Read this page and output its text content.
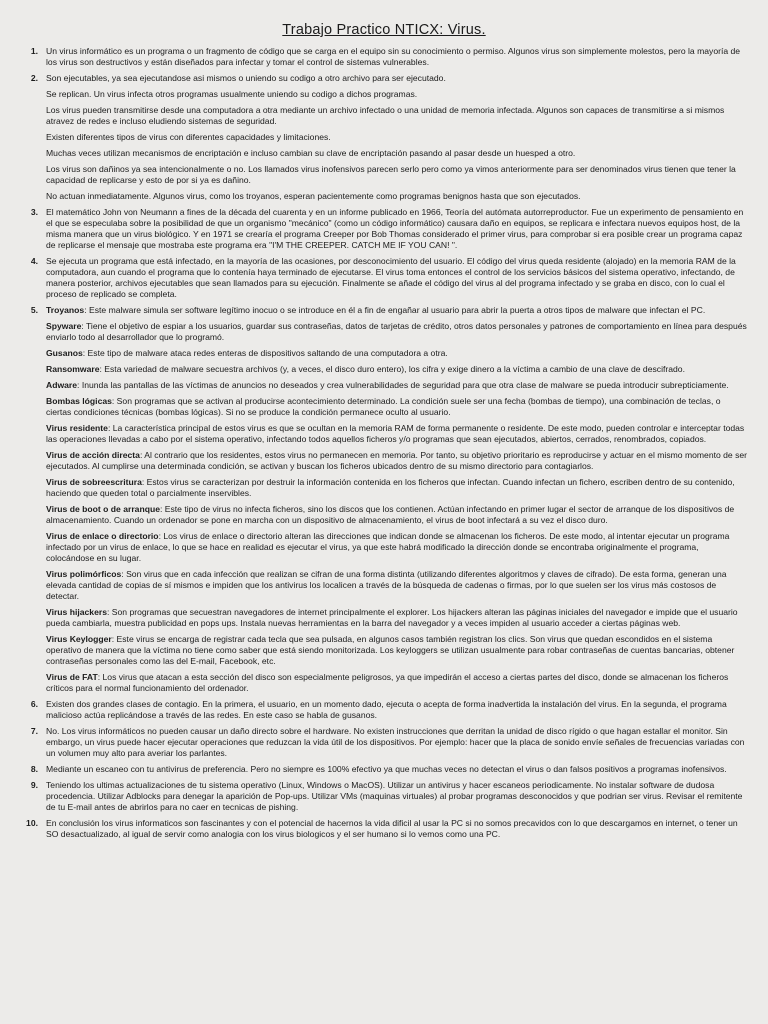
Trabajo Practico NTICX: Virus.
1. Un virus informático es un programa o un fragmento de código que se carga en el equipo sin su conocimiento o permiso. Algunos virus son simplemente molestos, pero la mayoría de los virus son destructivos y están diseñados para infectar y tomar el control de sistemas vulnerables.

2. Son ejecutables, ya sea ejecutandose asi mismos o uniendo su codigo a otro archivo para ser ejecutado.

Se replican. Un virus infecta otros programas usualmente uniendo su codigo a dichos programas.

Los virus pueden transmitirse desde una computadora a otra mediante un archivo infectado o una unidad de memoria infectada. Algunos son capaces de transmitirse a si mismos atravez de redes e incluso eludiendo sistemas de seguridad.

Existen diferentes tipos de virus con diferentes capacidades y limitaciones.

Muchas veces utilizan mecanismos de encriptación e incluso cambian su clave de encriptación pasando al pasar desde un huesped a otro.

Los virus son dañinos ya sea intencionalmente o no. Los llamados virus inofensivos parecen serlo pero como ya vimos anteriormente para ser denominados virus tienen que tener la capacidad de replicarse y esto de por si ya es dañino.

No actuan inmediatamente. Algunos virus, como los troyanos, esperan pacientemente como programas benignos hasta que son ejecutados.

3. El matemático John von Neumann a fines de la década del cuarenta y en un informe publicado en 1966, Teoría del autómata autorreproductor. Fue un experimento de pensamiento en el que se especulaba sobre la posibilidad de que un organismo "mecánico" (como un código informático) causara daño en equipos, se replicara e infectara nuevos equipos host, de la misma manera que un virus biológico. Y en 1971 se crearía el programa Creeper por Bob Thomas considerado el primer virus, para comprobar si era posible crear un programa capaz de replicarse el mensaje que mostraba este programa era "I'M THE CREEPER. CATCH ME IF YOU CAN! ".

4. Se ejecuta un programa que está infectado, en la mayoría de las ocasiones, por desconocimiento del usuario. El código del virus queda residente (alojado) en la memoria RAM de la computadora, aun cuando el programa que lo contenía haya terminado de ejecutarse. El virus toma entonces el control de los servicios básicos del sistema operativo, infectando, de manera posterior, archivos ejecutables que sean llamados para su ejecución. Finalmente se añade el código del virus al del programa infectado y se graba en disco, con lo cual el proceso de replicado se completa.

5. Troyanos: Este malware simula ser software legítimo inocuo o se introduce en él a fin de engañar al usuario para abrir la puerta a otros tipos de malware que infectan el PC.

Spyware: Tiene el objetivo de espiar a los usuarios, guardar sus contraseñas, datos de tarjetas de crédito, otros datos personales y patrones de comportamiento en línea para después enviarlo todo al desarrollador que lo programó.

Gusanos: Este tipo de malware ataca redes enteras de dispositivos saltando de una computadora a otra.

Ransomware: Esta variedad de malware secuestra archivos (y, a veces, el disco duro entero), los cifra y exige dinero a la víctima a cambio de una clave de descifrado.

Adware: Inunda las pantallas de las víctimas de anuncios no deseados y crea vulnerabilidades de seguridad para que otra clase de malware se pueda introducir subrepticiamente.

Bombas lógicas: Son programas que se activan al producirse acontecimiento determinado. La condición suele ser una fecha (bombas de tiempo), una combinación de teclas, o ciertas condiciones técnicas (bombas lógicas). Si no se produce la condición permanece oculto al usuario.

Virus residente: La característica principal de estos virus es que se ocultan en la memoria RAM de forma permanente o residente. De este modo, pueden controlar e interceptar todas las operaciones llevadas a cabo por el sistema operativo, infectando todos aquellos ficheros y/o programas que sean ejecutados, abiertos, cerrados, renombrados, copiados.

Virus de acción directa: Al contrario que los residentes, estos virus no permanecen en memoria. Por tanto, su objetivo prioritario es reproducirse y actuar en el mismo momento de ser ejecutados. Al cumplirse una determinada condición, se activan y buscan los ficheros ubicados dentro de su mismo directorio para contagiarlos.

Virus de sobreescritura: Estos virus se caracterizan por destruir la información contenida en los ficheros que infectan. Cuando infectan un fichero, escriben dentro de su contenido, haciendo que queden total o parcialmente inservibles.

Virus de boot o de arranque: Este tipo de virus no infecta ficheros, sino los discos que los contienen. Actúan infectando en primer lugar el sector de arranque de los dispositivos de almacenamiento. Cuando un ordenador se pone en marcha con un dispositivo de almacenamiento, el virus de boot infectará a su vez el disco duro.

Virus de enlace o directorio: Los virus de enlace o directorio alteran las direcciones que indican donde se almacenan los ficheros. De este modo, al intentar ejecutar un programa infectado por un virus de enlace, lo que se hace en realidad es ejecutar el virus, ya que este habrá modificado la dirección donde se encontraba originalmente el programa, colocándose en su lugar.

Virus polimórficos: Son virus que en cada infección que realizan se cifran de una forma distinta (utilizando diferentes algoritmos y claves de cifrado). De esta forma, generan una elevada cantidad de copias de sí mismos e impiden que los antivirus los localicen a través de la búsqueda de cadenas o firmas, por lo que suelen ser los virus más costosos de detectar.

Virus hijackers: Son programas que secuestran navegadores de internet principalmente el explorer. Los hijackers alteran las páginas iniciales del navegador e impide que el usuario pueda cambiarla, muestra publicidad en pops ups. Instala nuevas herramientas en la barra del navegador y a veces impiden al usuario acceder a ciertas páginas web.

Virus Keylogger: Este virus se encarga de registrar cada tecla que sea pulsada, en algunos casos también registran los clics. Son virus que quedan escondidos en el sistema operativo de manera que la víctima no tiene como saber que está siendo monitorizada. Los keyloggers se utilizan usualmente para robar contraseñas de cuentas bancarias, obtener contraseñas personales como las del E-mail, Facebook, etc.

Virus de FAT: Los virus que atacan a esta sección del disco son especialmente peligrosos, ya que impedirán el acceso a ciertas partes del disco, donde se almacenan los ficheros críticos para el normal funcionamiento del ordenador.

6. Existen dos grandes clases de contagio. En la primera, el usuario, en un momento dado, ejecuta o acepta de forma inadvertida la instalación del virus. En la segunda, el programa malicioso actúa replicándose a través de las redes. En este caso se habla de gusanos.

7. No. Los virus informáticos no pueden causar un daño directo sobre el hardware. No existen instrucciones que derritan la unidad de disco rígido o que hagan estallar el monitor. Sin embargo, un virus puede hacer ejecutar operaciones que reduzcan la vida útil de los dispositivos. Por ejemplo: hacer que la placa de sonido envíe señales de frecuencias variadas con un volumen muy alto para averiar los parlantes.

8. Mediante un escaneo con tu antivirus de preferencia. Pero no siempre es 100% efectivo ya que muchas veces no detectan el virus o dan falsos positivos a programas inofensivos.

9. Teniendo los ultimas actualizaciones de tu sistema operativo (Linux, Windows o MacOS). Utilizar un antivirus y hacer escaneos periodicamente. No instalar software de dudosa procedencia. Utilizar Adblocks para denegar la aparición de Pop-ups. Utilizar VMs (maquinas virtuales) al probar programas desconocidos y que podrian ser virus. Revisar el remitente de tu E-mail antes de abrirlos para no caer en tecnicas de pishing.

10. En conclusión los virus informaticos son fascinantes y con el potencial de hacernos la vida dificil al usar la PC si no somos precavidos con lo que descargamos en internet, o tener un SO desactualizado, al igual de servir como analogia con los virus biologicos y el ser humano si lo vemos como una PC.
